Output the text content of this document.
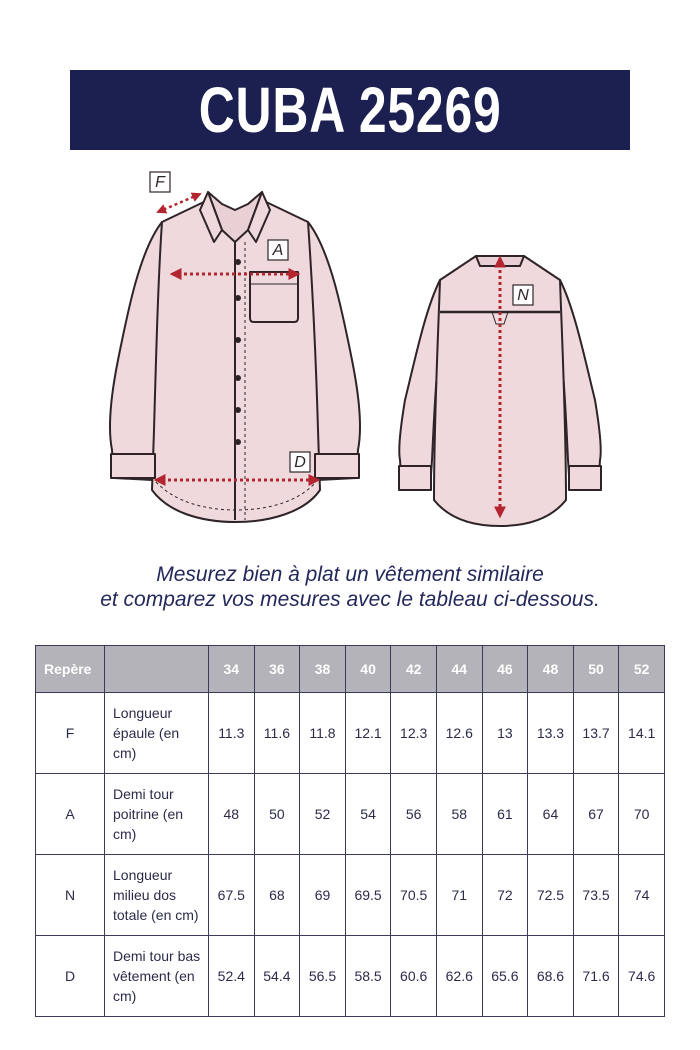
CUBA 25269
F
A
D
N
Mesurez bien à plat un vêtement similaire
et comparez vos mesures avec le tableau ci-dessous.
Repère		34	36	38	40	42	44	46	48	50	52
F	Longueur épaule (en cm)	11.3	11.6	11.8	12.1	12.3	12.6	13	13.3	13.7	14.1
A	Demi tour poitrine (en cm)	48	50	52	54	56	58	61	64	67	70
N	Longueur milieu dos totale (en cm)	67.5	68	69	69.5	70.5	71	72	72.5	73.5	74
D	Demi tour bas vêtement (en cm)	52.4	54.4	56.5	58.5	60.6	62.6	65.6	68.6	71.6	74.6
